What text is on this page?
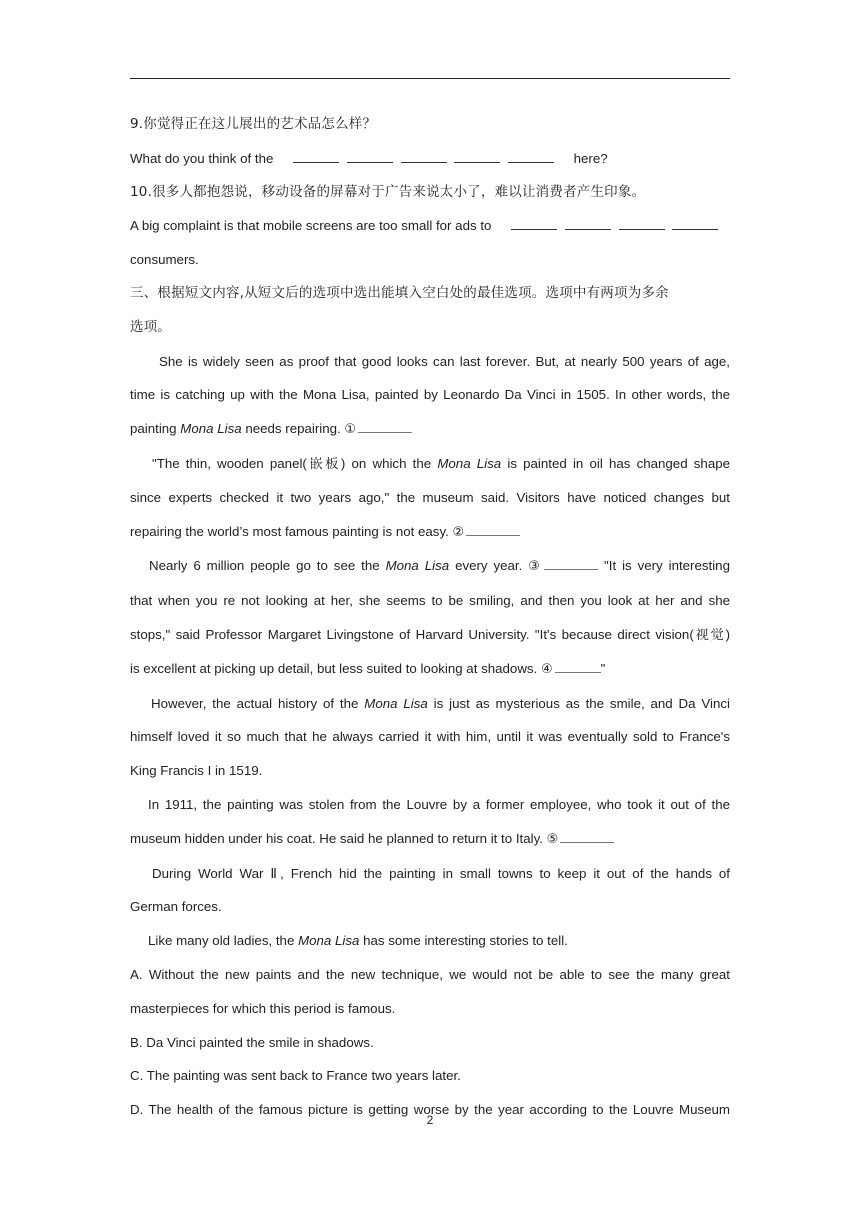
9.你觉得正在这儿展出的艺术品怎么样？
What do you think of the	here?
10.很多人都抱怨说，移动设备的屏幕对于广告来说太小了，难以让消费者产生印象。
A big complaint is that mobile screens are too small for ads to
consumers.
三、根据短文内容,从短文后的选项中选出能填入空白处的最佳选项。选项中有两项为多余
选项。
She is widely seen as proof that good looks can last forever. But, at nearly 500 years of age,
time is catching up with the Mona Lisa, painted by Leonardo Da Vinci in 1505. In other words, the
painting Mona Lisa needs repairing. ①
"The thin, wooden panel(嵌板) on which the Mona Lisa is painted in oil has changed shape
since experts checked it two years ago," the museum said. Visitors have noticed changes but
repairing the world’s most famous painting is not easy. ②
Nearly 6 million people go to see the Mona Lisa every year. ③	"It is very interesting
that when you re not looking at her, she seems to be smiling, and then you look at her and she
stops," said Professor Margaret Livingstone of Harvard University. "It's because direct vision(视觉)
is excellent at picking up detail, but less suited to looking at shadows. ④	"
However, the actual history of the Mona Lisa is just as mysterious as the smile, and Da Vinci
himself loved it so much that he always carried it with him, until it was eventually sold to France's
King Francis I in 1519.
In 1911, the painting was stolen from the Louvre by a former employee, who took it out of the
museum hidden under his coat. He said he planned to return it to Italy. ⑤
During World War Ⅱ, French hid the painting in small towns to keep it out of the hands of
German forces.
Like many old ladies, the Mona Lisa has some interesting stories to tell.
A. Without the new paints and the new technique, we would not be able to see the many great
masterpieces for which this period is famous.
B. Da Vinci painted the smile in shadows.
C. The painting was sent back to France two years later.
D. The health of the famous picture is getting worse by the year according to the Louvre Museum
2
